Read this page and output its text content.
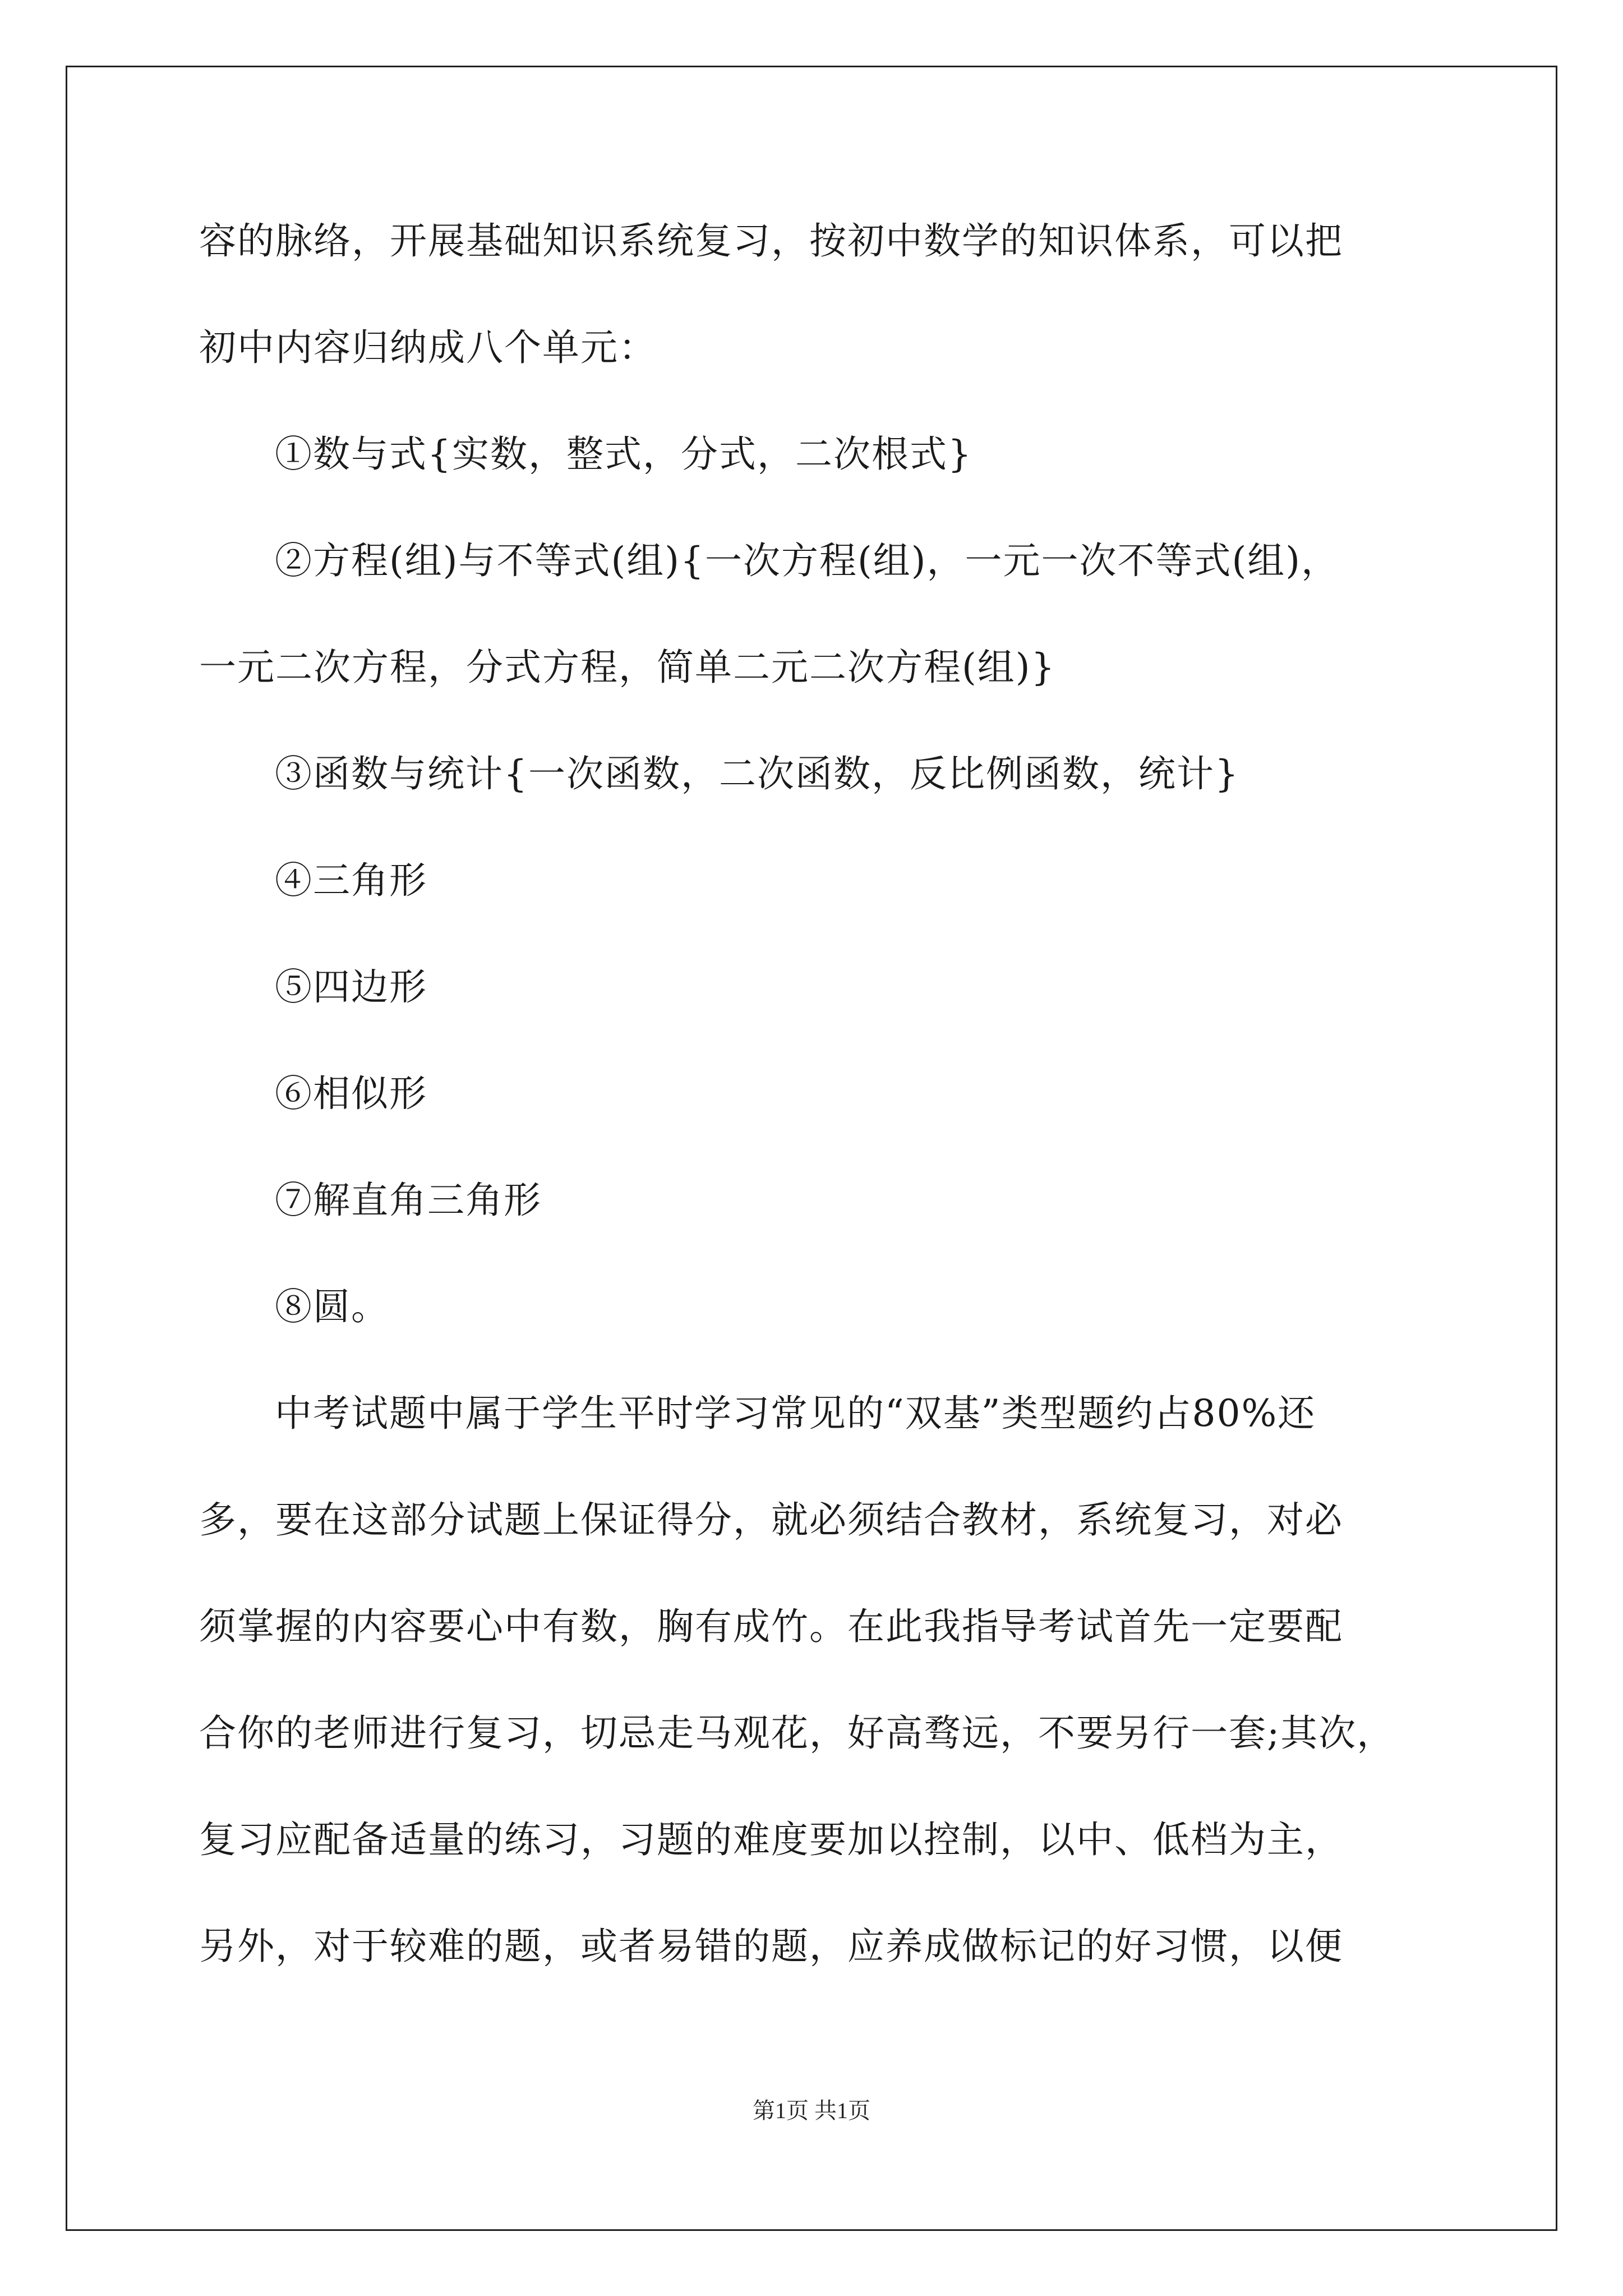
容的脉络，开展基础知识系统复习，按初中数学的知识体系，可以把
初中内容归纳成八个单元：
①数与式{实数，整式，分式，二次根式}
②方程(组)与不等式(组){一次方程(组)，一元一次不等式(组)，
一元二次方程，分式方程，简单二元二次方程(组)}
③函数与统计{一次函数，二次函数，反比例函数，统计}
④三角形
⑤四边形
⑥相似形
⑦解直角三角形
⑧圆。
中考试题中属于学生平时学习常见的“双基”类型题约占80%还
多，要在这部分试题上保证得分，就必须结合教材，系统复习，对必
须掌握的内容要心中有数，胸有成竹。在此我指导考试首先一定要配
合你的老师进行复习，切忌走马观花，好高骛远，不要另行一套;其次，
复习应配备适量的练习，习题的难度要加以控制，以中、低档为主，
另外，对于较难的题，或者易错的题，应养成做标记的好习惯，以便
第1页 共1页
